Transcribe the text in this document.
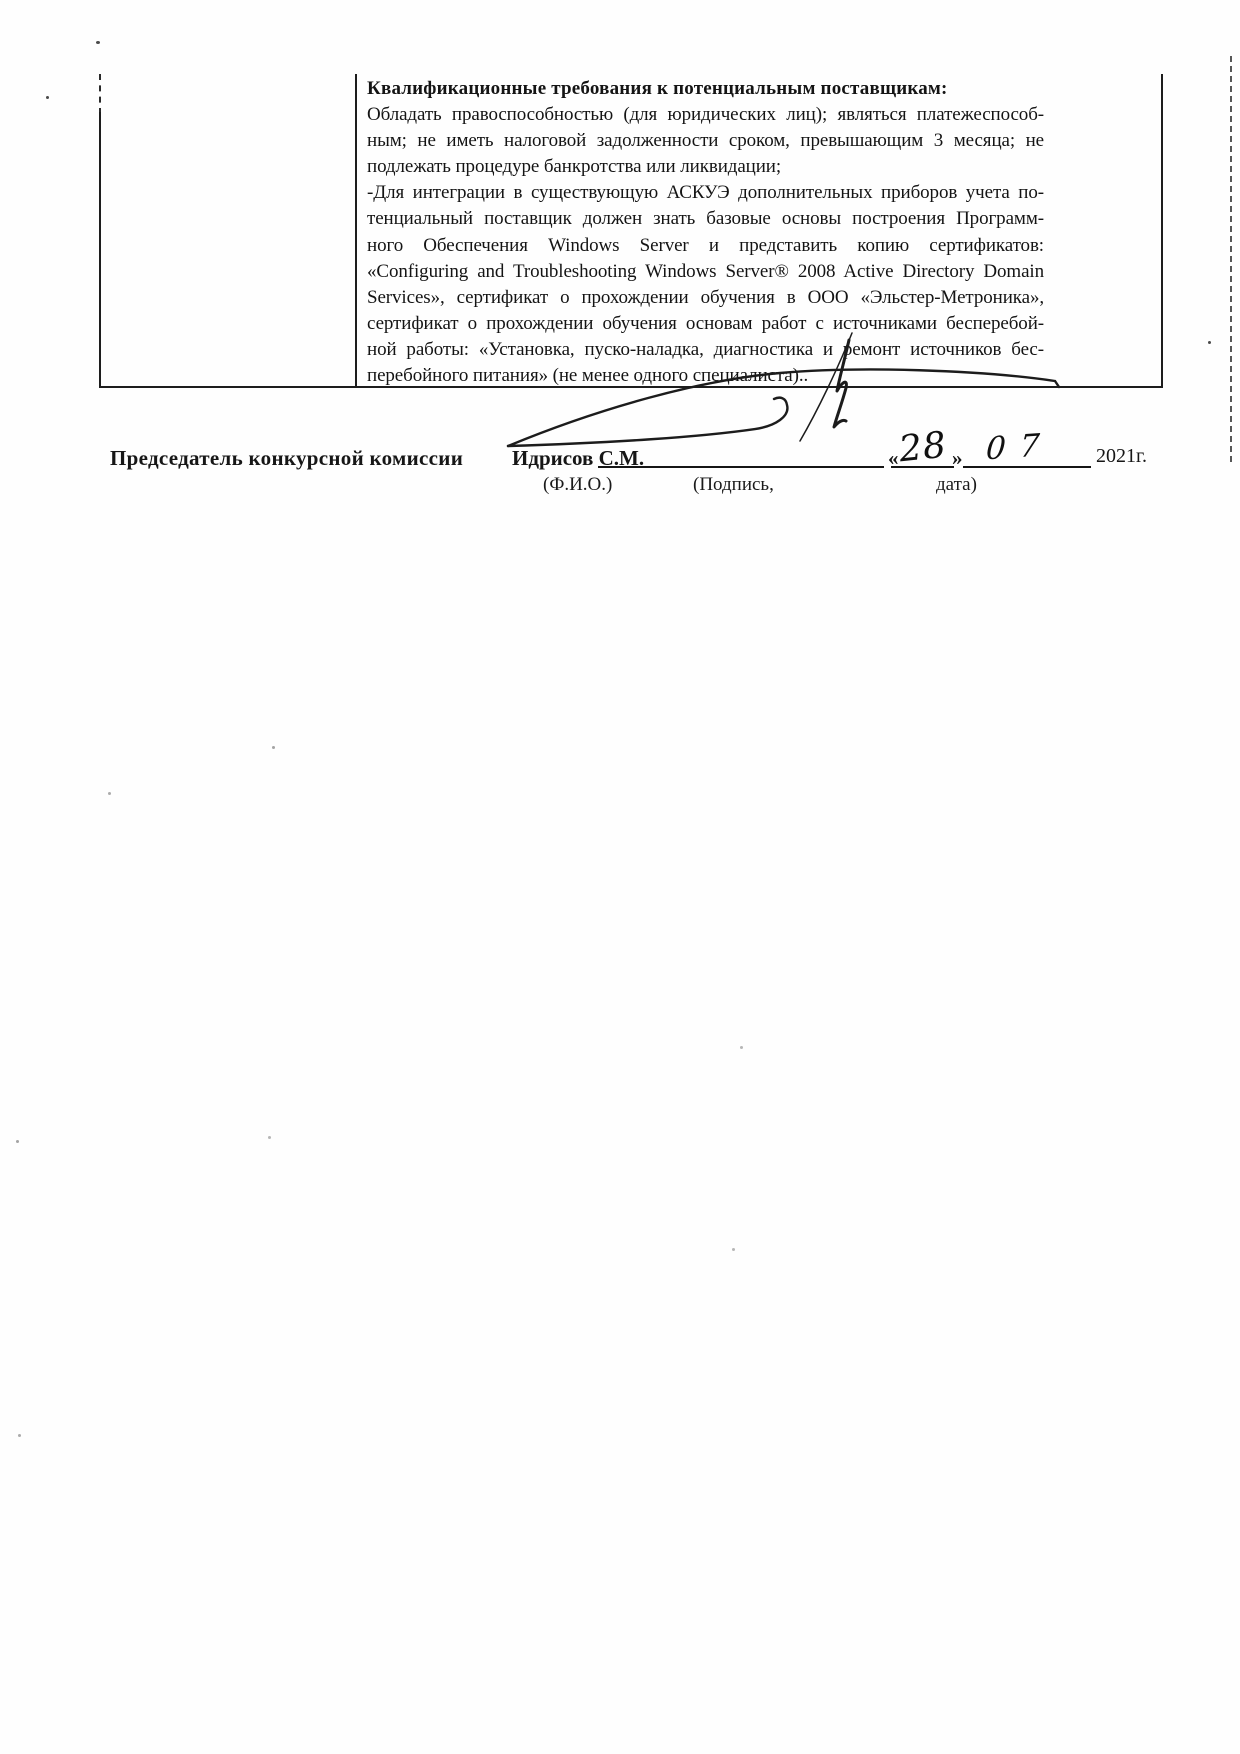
Квалификационные требования к потенциальным поставщикам:
Обладать правоспособностью (для юридических лиц); являться платежеспособ-
ным; не иметь налоговой задолженности сроком, превышающим 3 месяца; не
подлежать процедуре банкротства или ликвидации;
-Для интеграции в существующую АСКУЭ дополнительных приборов учета по-
тенциальный поставщик должен знать базовые основы построения Программ-
ного Обеспечения Windows Server и представить копию сертификатов:
«Configuring and Troubleshooting Windows Server® 2008 Active Directory Domain
Services», сертификат о прохождении обучения в ООО «Эльстер-Метроника»,
сертификат о прохождении обучения основам работ с источниками бесперебой-
ной работы: «Установка, пуско-наладка, диагностика и ремонт источников бес-
перебойного питания» (не менее одного специалиста)..
Председатель конкурсной комиссии Идрисов С.М.	«	»
28 07 2021г.
(Ф.И.О.)	(Подпись,	дата)
